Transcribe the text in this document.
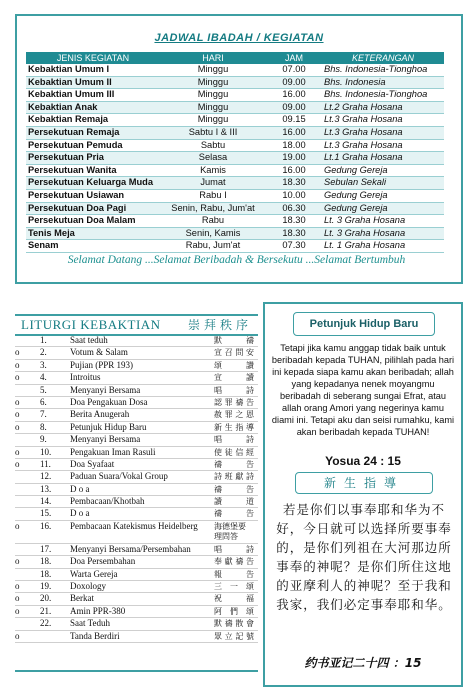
JADWAL IBADAH / KEGIATAN
JENIS KEGIATAN	HARI	JAM	KETERANGAN
Kebaktian Umum I	Minggu	07.00	Bhs. Indonesia-Tionghoa
Kebaktian Umum II	Minggu	09.00	Bhs. Indonesia
Kebaktian Umum III	Minggu	16.00	Bhs. Indonesia-Tionghoa
Kebaktian Anak	Minggu	09.00	Lt.2 Graha Hosana
Kebaktian Remaja	Minggu	09.15	Lt.3 Graha Hosana
Persekutuan Remaja	Sabtu I & III	16.00	Lt.3 Graha Hosana
Persekutuan Pemuda	Sabtu	18.00	Lt.3 Graha Hosana
Persekutuan Pria	Selasa	19.00	Lt.1 Graha Hosana
Persekutuan Wanita	Kamis	16.00	Gedung Gereja
Persekutuan Keluarga Muda	Jumat	18.30	Sebulan Sekali
Persekutuan Usiawan	Rabu I	10.00	Gedung Gereja
Persekutuan Doa Pagi	Senin, Rabu, Jum'at	06.30	Gedung Gereja
Persekutuan Doa Malam	Rabu	18.30	Lt. 3 Graha Hosana
Tenis Meja	Senin, Kamis	18.30	Lt. 3 Graha Hosana
Senam	Rabu, Jum'at	07.30	Lt. 1 Graha Hosana
Selamat Datang ...Selamat Beribadah & Bersekutu ...Selamat Bertumbuh
LITURGI KEBAKTIAN 崇拜秩序
1.	Saat teduh	默 禱
o	2.	Votum & Salam	宣召問安
o	3.	Pujian (PPR 193)	頌 讚
o	4.	Introitus	宣 讀
5.	Menyanyi Bersama	唱 詩
o	6.	Doa Pengakuan Dosa	認罪禱告
o	7.	Berita Anugerah	赦罪之恩
o	8.	Petunjuk Hidup Baru	新生指導
9.	Menyanyi Bersama	唱 詩
o	10. Pengakuan Iman Rasuli	使徒信經
o	11. Doa Syafaat	禱 告
12. Paduan Suara/Vokal Group	詩班獻詩
13. D o a	禱 告
14. Pembacaan/Khotbah	讀 道
15. D o a	禱 告
o	16. Pembacaan Katekismus Heidelberg 海德堡要
理問答
17. Menyanyi Bersama/Persembahan	唱 詩
o	18. Doa Persembahan	奉獻禱告
18. Warta Gereja	報 告
o	19. Doxology	三 一 頌
o	20. Berkat	祝 福
o	21. Amin PPR-380	阿們頌
22. Saat Teduh	默禱散會
o	Tanda Berdiri	眾立記號
Petunjuk Hidup Baru
Tetapi jika kamu anggap tidak baik untuk beribadah kepada TUHAN, pilihlah pada hari ini kepada siapa kamu akan beribadah; allah yang kepadanya nenek moyangmu beribadah di seberang sungai Efrat, atau allah orang Amori yang negerinya kamu diami ini. Tetapi aku dan seisi rumahku, kami akan beribadah kepada TUHAN!
Yosua 24 : 15
新生指導
若是你们以事奉耶和华为不好，今日就可以选择所要事奉的，是你们列祖在大河那边所事奉的神呢？是你们所住这地的亚摩利人的神呢？至于我和我家，我们必定事奉耶和华。
约书亚记二十四 ：15
